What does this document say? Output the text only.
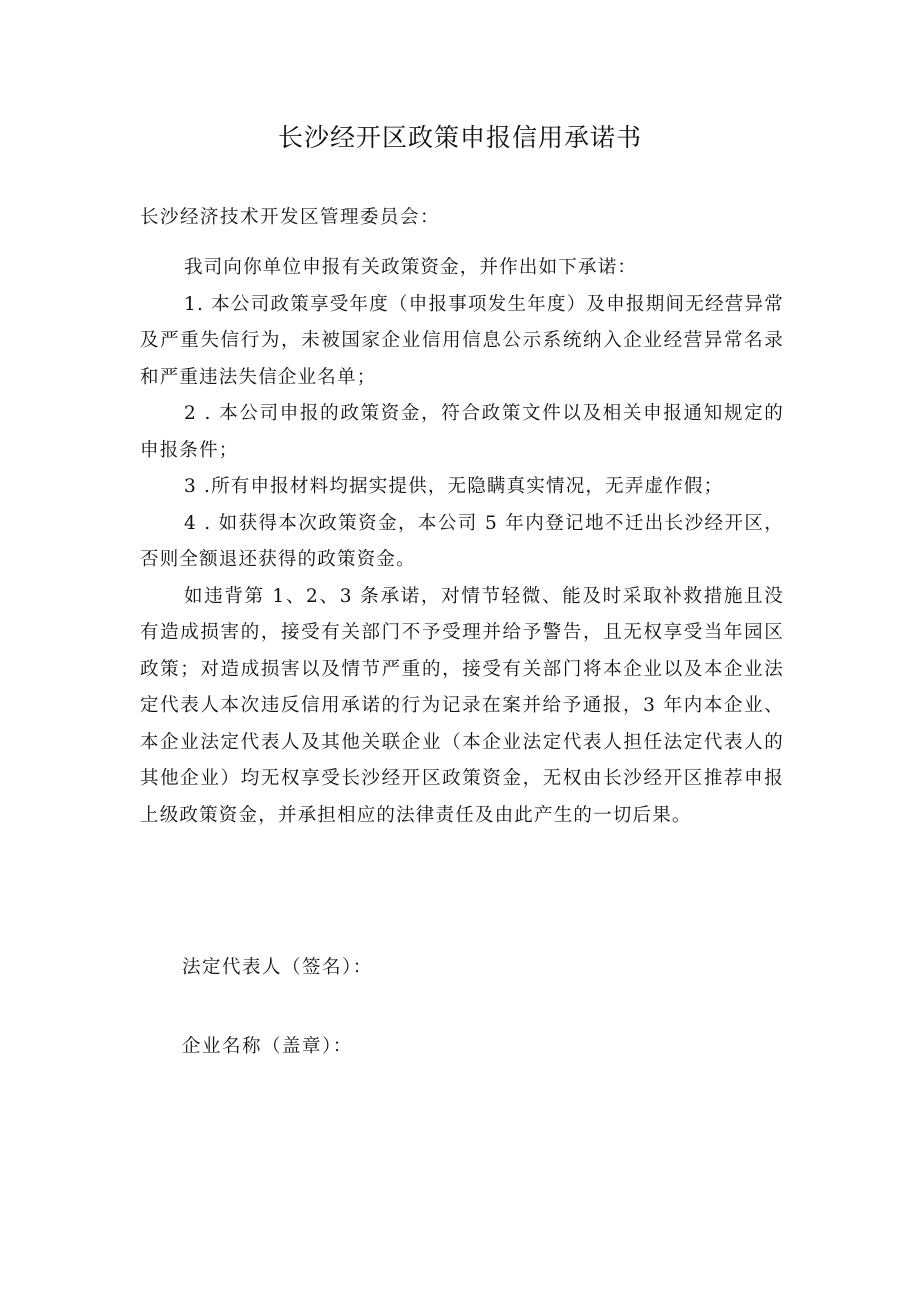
长沙经开区政策申报信用承诺书
长沙经济技术开发区管理委员会：

我司向你单位申报有关政策资金，并作出如下承诺：

1. 本公司政策享受年度（申报事项发生年度）及申报期间无经营异常及严重失信行为，未被国家企业信用信息公示系统纳入企业经营异常名录和严重违法失信企业名单；

2 . 本公司申报的政策资金，符合政策文件以及相关申报通知规定的申报条件；

3 .所有申报材料均据实提供，无隐瞒真实情况，无弄虚作假；

4 . 如获得本次政策资金，本公司 5 年内登记地不迁出长沙经开区，否则全额退还获得的政策资金。

如违背第 1、2、3 条承诺，对情节轻微、能及时采取补救措施且没有造成损害的，接受有关部门不予受理并给予警告，且无权享受当年园区政策；对造成损害以及情节严重的，接受有关部门将本企业以及本企业法定代表人本次违反信用承诺的行为记录在案并给予通报，3 年内本企业、本企业法定代表人及其他关联企业（本企业法定代表人担任法定代表人的其他企业）均无权享受长沙经开区政策资金，无权由长沙经开区推荐申报上级政策资金，并承担相应的法律责任及由此产生的一切后果。

法定代表人（签名）：
企业名称（盖章）：
